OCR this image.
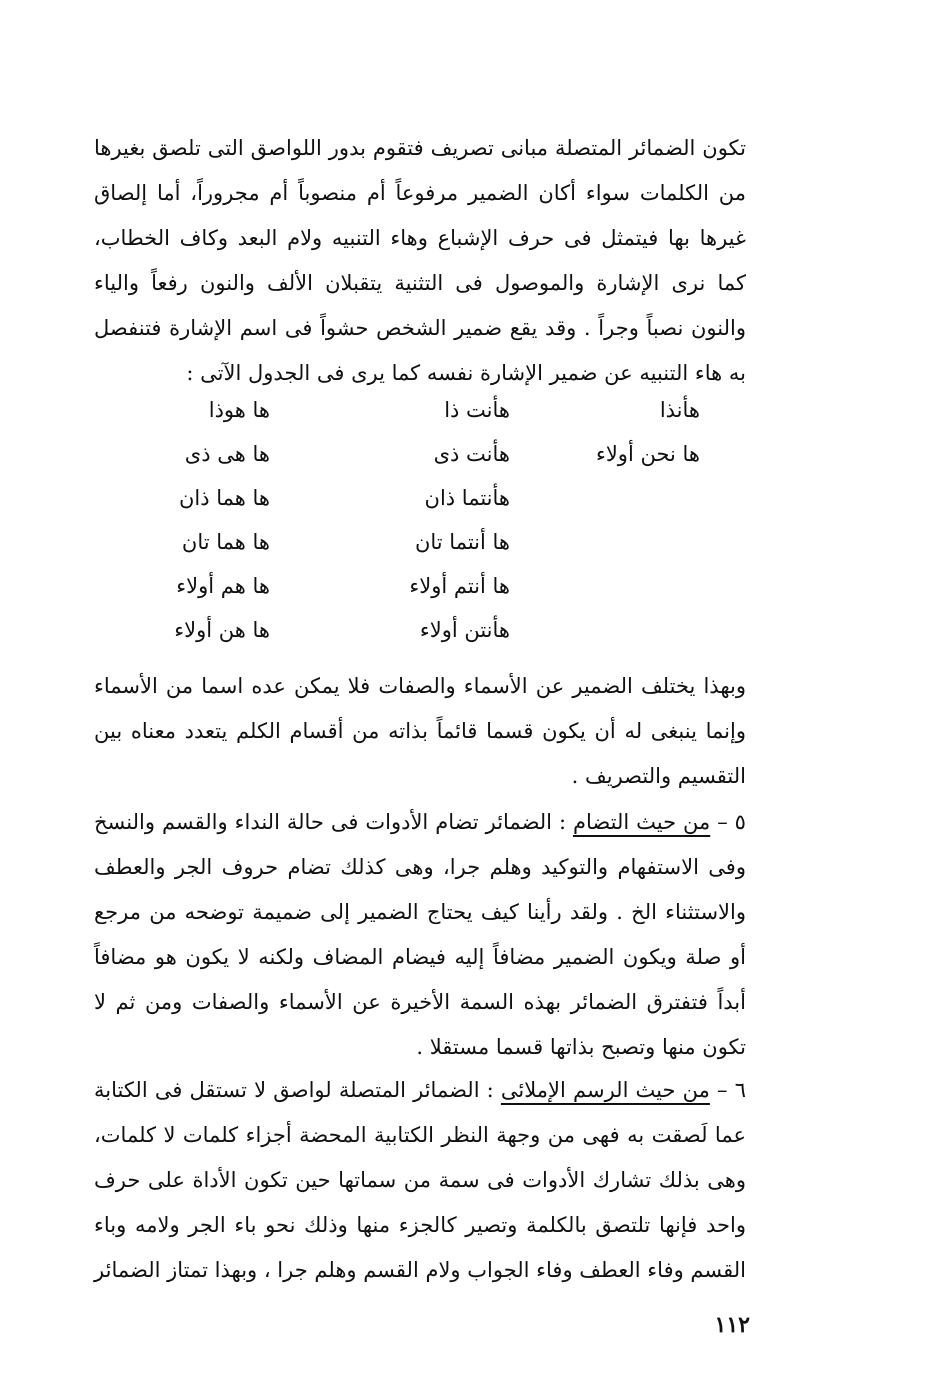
تكون الضمائر المتصلة مبانى تصريف فتقوم بدور اللواصق التى تلصق بغيرها من الكلمات سواء أكان الضمير مرفوعاً أم منصوباً أم مجروراً، أما إلصاق غيرها بها فيتمثل فى حرف الإشباع وهاء التنبيه ولام البعد وكاف الخطاب، كما نرى الإشارة والموصول فى التثنية يتقبلان الألف والنون رفعاً والياء والنون نصباً وجراً . وقد يقع ضمير الشخص حشواً فى اسم الإشارة فتنفصل به هاء التنبيه عن ضمير الإشارة نفسه كما يرى فى الجدول الآتى :

هأنذا
هأنت ذا
ها هوذا
ها نحن أولاء
هأنت ذى
ها هى ذى
هأنتما ذان
ها هما ذان
ها أنتما تان
ها هما تان
ها أنتم أولاء
ها هم أولاء
هأنتن أولاء
ها هن أولاء

وبهذا يختلف الضمير عن الأسماء والصفات فلا يمكن عده اسما من الأسماء وإنما ينبغى له أن يكون قسما قائماً بذاته من أقسام الكلم يتعدد معناه بين التقسيم والتصريف .

٥ – من حيث التضام : الضمائر تضام الأدوات فى حالة النداء والقسم والنسخ وفى الاستفهام والتوكيد وهلم جرا، وهى كذلك تضام حروف الجر والعطف والاستثناء الخ . ولقد رأينا كيف يحتاج الضمير إلى ضميمة توضحه من مرجع أو صلة ويكون الضمير مضافاً إليه فيضام المضاف ولكنه لا يكون هو مضافاً أبداً فتفترق الضمائر بهذه السمة الأخيرة عن الأسماء والصفات ومن ثم لا تكون منها وتصبح بذاتها قسما مستقلا .

٦ – من حيث الرسم الإملائى : الضمائر المتصلة لواصق لا تستقل فى الكتابة عما لَصقت به فهى من وجهة النظر الكتابية المحضة أجزاء كلمات لا كلمات، وهى بذلك تشارك الأدوات فى سمة من سماتها حين تكون الأداة على حرف واحد فإنها تلتصق بالكلمة وتصير كالجزء منها وذلك نحو باء الجر ولامه وباء القسم وفاء العطف وفاء الجواب ولام القسم وهلم جرا ، وبهذا تمتاز الضمائر

١١٢
